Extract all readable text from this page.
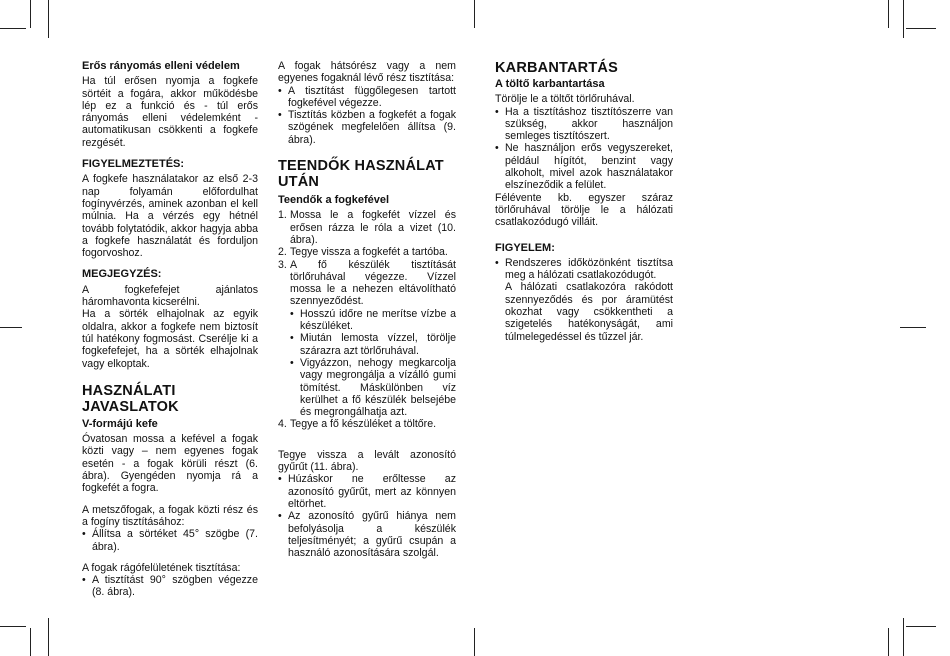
Erős rányomás elleni védelem

Ha túl erősen nyomja a fogkefe sörtéit a fogára, akkor működésbe lép ez a funkció és - túl erős rányomás elleni védelemként - automatikusan csökkenti a fogkefe rezgését.

FIGYELMEZTETÉS:

A fogkefe használatakor az első 2-3 nap folyamán előfordulhat fogínyvérzés, aminek azonban el kell múlnia. Ha a vérzés egy hétnél tovább folytatódik, akkor hagyja abba a fogkefe használatát és forduljon fogorvoshoz.

MEGJEGYZÉS:

A fogkefefejet ajánlatos háromhavonta kicserélni.

Ha a sörték elhajolnak az egyik oldalra, akkor a fogkefe nem biztosít túl hatékony fogmosást. Cserélje ki a fogkefefejet, ha a sörték elhajolnak vagy elkoptak.

HASZNÁLATI JAVASLATOK
V-formájú kefe

Óvatosan mossa a kefével a fogak közti vagy – nem egyenes fogak esetén - a fogak körüli részt (6. ábra). Gyengéden nyomja rá a fogkefét a fogra.

A metszőfogak, a fogak közti rész és a fogíny tisztításához:

• Állítsa a sörtéket 45° szögbe (7. ábra).

A fogak rágófelületének tisztítása:

• A tisztítást 90° szögben végezze (8. ábra).

A fogak hátsórész vagy a nem egyenes fogaknál lévő rész tisztítása:

• A tisztítást függőlegesen tartott fogkefével végezze.
• Tisztítás közben a fogkefét a fogak szögének megfelelően állítsa (9. ábra).
TEENDŐK HASZNÁLAT UTÁN
Teendők a fogkefével
1. Mossa le a fogkefét vízzel és erősen rázza le róla a vizet (10. ábra).
2. Tegye vissza a fogkefét a tartóba.
3. A fő készülék tisztítását törlőruhával végezze. Vízzel mossa le a nehezen eltávolítható szennyeződést.
• Hosszú időre ne merítse vízbe a készüléket.
• Miután lemosta vízzel, törölje szárazra azt törlőruhával.
• Vigyázzon, nehogy megkarcolja vagy megrongálja a vízálló gumi tömítést. Máskülönben víz kerülhet a fő készülék belsejébe és megrongálhatja azt.
4. Tegye a fő készüléket a töltőre.

Tegye vissza a levált azonosító gyűrűt (11. ábra).

• Húzáskor ne erőltesse az azonosító gyűrűt, mert az könnyen eltörhet.
• Az azonosító gyűrű hiánya nem befolyásolja a készülék teljesítményét; a gyűrű csupán a használó azonosítására szolgál.
KARBANTARTÁS
A töltő karbantartása

Törölje le a töltőt törlőruhával.

• Ha a tisztításhoz tisztítószerre van szükség, akkor használjon semleges tisztítószert.
• Ne használjon erős vegyszereket, például hígítót, benzint vagy alkoholt, mivel azok használatakor elszíneződik a felület.

Félévente kb. egyszer száraz törlőruhával törölje le a hálózati csatlakozódugó villáit.

FIGYELEM:
• Rendszeres időközönként tisztítsa meg a hálózati csatlakozódugót.
A hálózati csatlakozóra rakódott szennyeződés és por áramütést okozhat vagy csökkentheti a szigetelés hatékonyságát, ami túlmelegedéssel és tűzzel jár.
